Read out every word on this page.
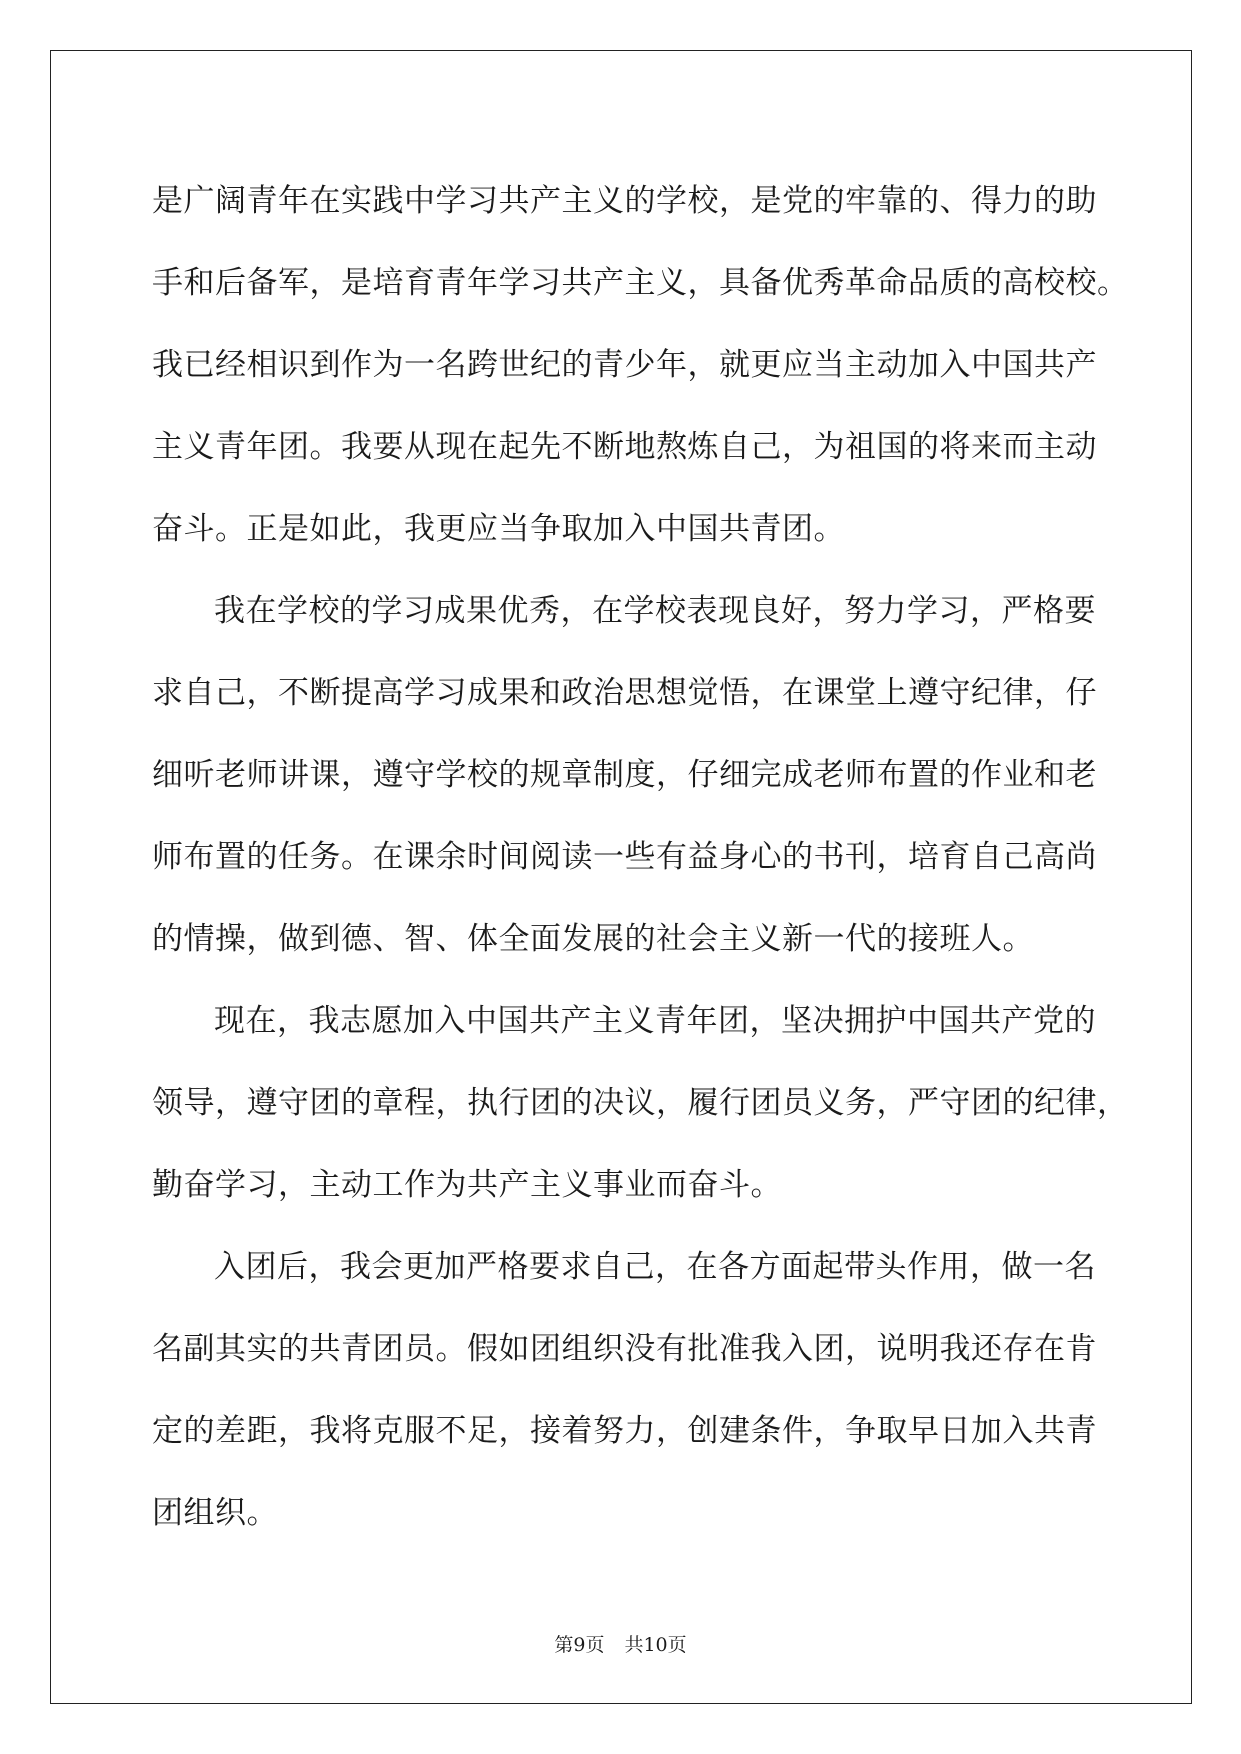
是广阔青年在实践中学习共产主义的学校，是党的牢靠的、得力的助
手和后备军，是培育青年学习共产主义，具备优秀革命品质的高校校。
我已经相识到作为一名跨世纪的青少年，就更应当主动加入中国共产
主义青年团。我要从现在起先不断地熬炼自己，为祖国的将来而主动
奋斗。正是如此，我更应当争取加入中国共青团。
我在学校的学习成果优秀，在学校表现良好，努力学习，严格要
求自己，不断提高学习成果和政治思想觉悟，在课堂上遵守纪律，仔
细听老师讲课，遵守学校的规章制度，仔细完成老师布置的作业和老
师布置的任务。在课余时间阅读一些有益身心的书刊，培育自己高尚
的情操，做到德、智、体全面发展的社会主义新一代的接班人。
现在，我志愿加入中国共产主义青年团，坚决拥护中国共产党的
领导，遵守团的章程，执行团的决议，履行团员义务，严守团的纪律，
勤奋学习，主动工作为共产主义事业而奋斗。
入团后，我会更加严格要求自己，在各方面起带头作用，做一名
名副其实的共青团员。假如团组织没有批准我入团，说明我还存在肯
定的差距，我将克服不足，接着努力，创建条件，争取早日加入共青
团组织。
第9页 共10页
